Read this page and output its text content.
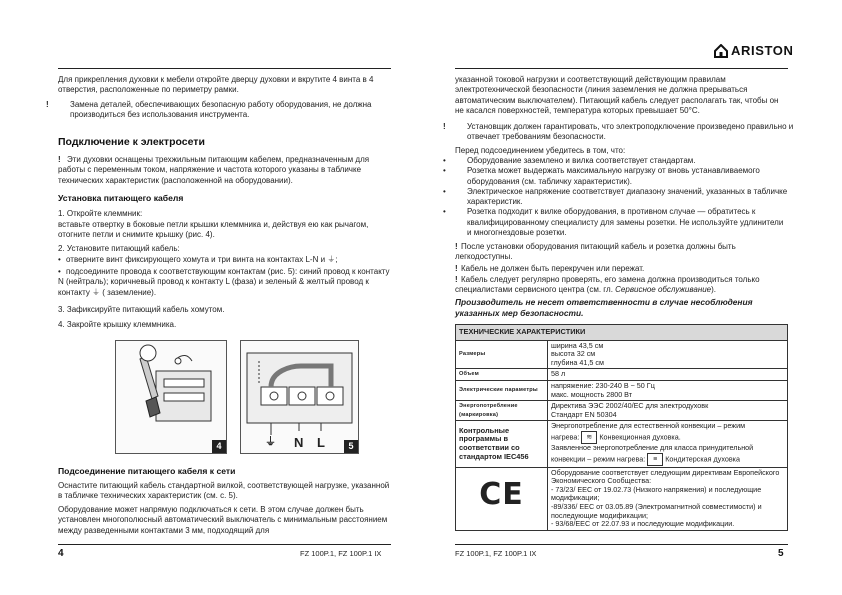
ARISTON

Для прикрепления духовки к мебели откройте дверцу духовки и вкрутите 4 винта в 4 отверстия, расположенные по периметру рамки.

!	Замена деталей, обеспечивающих безопасную работу оборудования, не должна производиться без использования инструмента.

Подключение к электросети

! Эти духовки оснащены трехжильным питающим кабелем, предназначенным для работы с переменным током, напряжение и частота которого указаны в табличке технических характеристик (расположенной на оборудовании).

Установка питающего кабеля

1. Откройте клеммник:

вставьте отвертку в боковые петли крышки клеммника и, действуя ею как рычагом, отогните петли и снимите крышку (рис. 4).

2. Установите питающий кабель:

• отверните винт фиксирующего хомута и три винта на контактах L-N и ⏚;

• подсоедините провода к соответствующим контактам (рис. 5): синий провод к контакту N (нейтраль); коричневый провод к контакту L (фаза) и зеленый & желтый провод к контакту ⏚ ( заземление).

3. Зафиксируйте питающий кабель хомутом.

4. Закройте крышку клеммника.

4	⏚ N L	5

Подсоединение питающего кабеля к сети

Оснастите питающий кабель стандартной вилкой, соответствующей нагрузке, указанной в табличке технических характеристик (см. с. 5).

Оборудование может напрямую подключаться к сети. В этом случае должен быть установлен многополюсный автоматический выключатель с минимальным расстоянием между разведенными контактами 3 мм, подходящий для

4	FZ 100P.1, FZ 100P.1 IX

указанной токовой нагрузки и соответствующий действующим правилам электротехнической безопасности (линия заземления не должна прерываться автоматическим выключателем). Питающий кабель следует располагать так, чтобы он не касался поверхностей, температура которых превышает 50°C.

!	Установщик должен гарантировать, что электроподключение произведено правильно и отвечает требованиям безопасности.

Перед подсоединением убедитесь в том, что:

•	Оборудование заземлено и вилка соответствует стандартам.

•	Розетка может выдержать максимальную нагрузку от вновь устанавливаемого оборудования (см. табличку характеристик).

•	Электрическое напряжение соответствует диапазону значений, указанных в табличке характеристик.

•	Розетка подходит к вилке оборудования, в противном случае — обратитесь к квалифицированному специалисту для замены розетки. Не используйте удлинители и многогнездовые розетки.

! После установки оборудования питающий кабель и розетка должны быть легкодоступны.

! Кабель не должен быть перекручен или пережат.

! Кабель следует регулярно проверять, его замена должна производиться только специалистами сервисного центра (см. гл. Сервисное обслуживание).

Производитель не несет ответственности в случае несоблюдения указанных мер безопасности.

ТЕХНИЧЕСКИЕ ХАРАКТЕРИСТИКИ	
Размеры	ширина 43,5 см
высота 32 см
глубина 41,5 см

Объем	58 л
Электрические параметры	напряжение: 230-240 В ~ 50 Гц
макс. мощность 2800 Вт

Энергопотребление (маркировка)	Директива ЭЭС 2002/40/ЕС для электродуховк
Стандарт EN 50304

Контрольные программы в соответствии со стандартом IEC456	Энергопотребление для естественной конвекции – режим
нагрева: ≋ Конвекционная духовка.
Заявленное энергопотребление для класса принудительной
конвекции – режим нагрева: ≡ Кондитерская духовка

CE	Оборудование соответствует следующим директивам Европейского Экономического Сообщества:
- 73/23/ EEC от 19.02.73 (Низкого напряжения) и последующие модификации;
-89/336/ EEC от 03.05.89 (Электромагнитной совместимости) и последующие модификации;
- 93/68/EEC от 22.07.93 и последующие модификации.
FZ 100P.1, FZ 100P.1 IX	5
